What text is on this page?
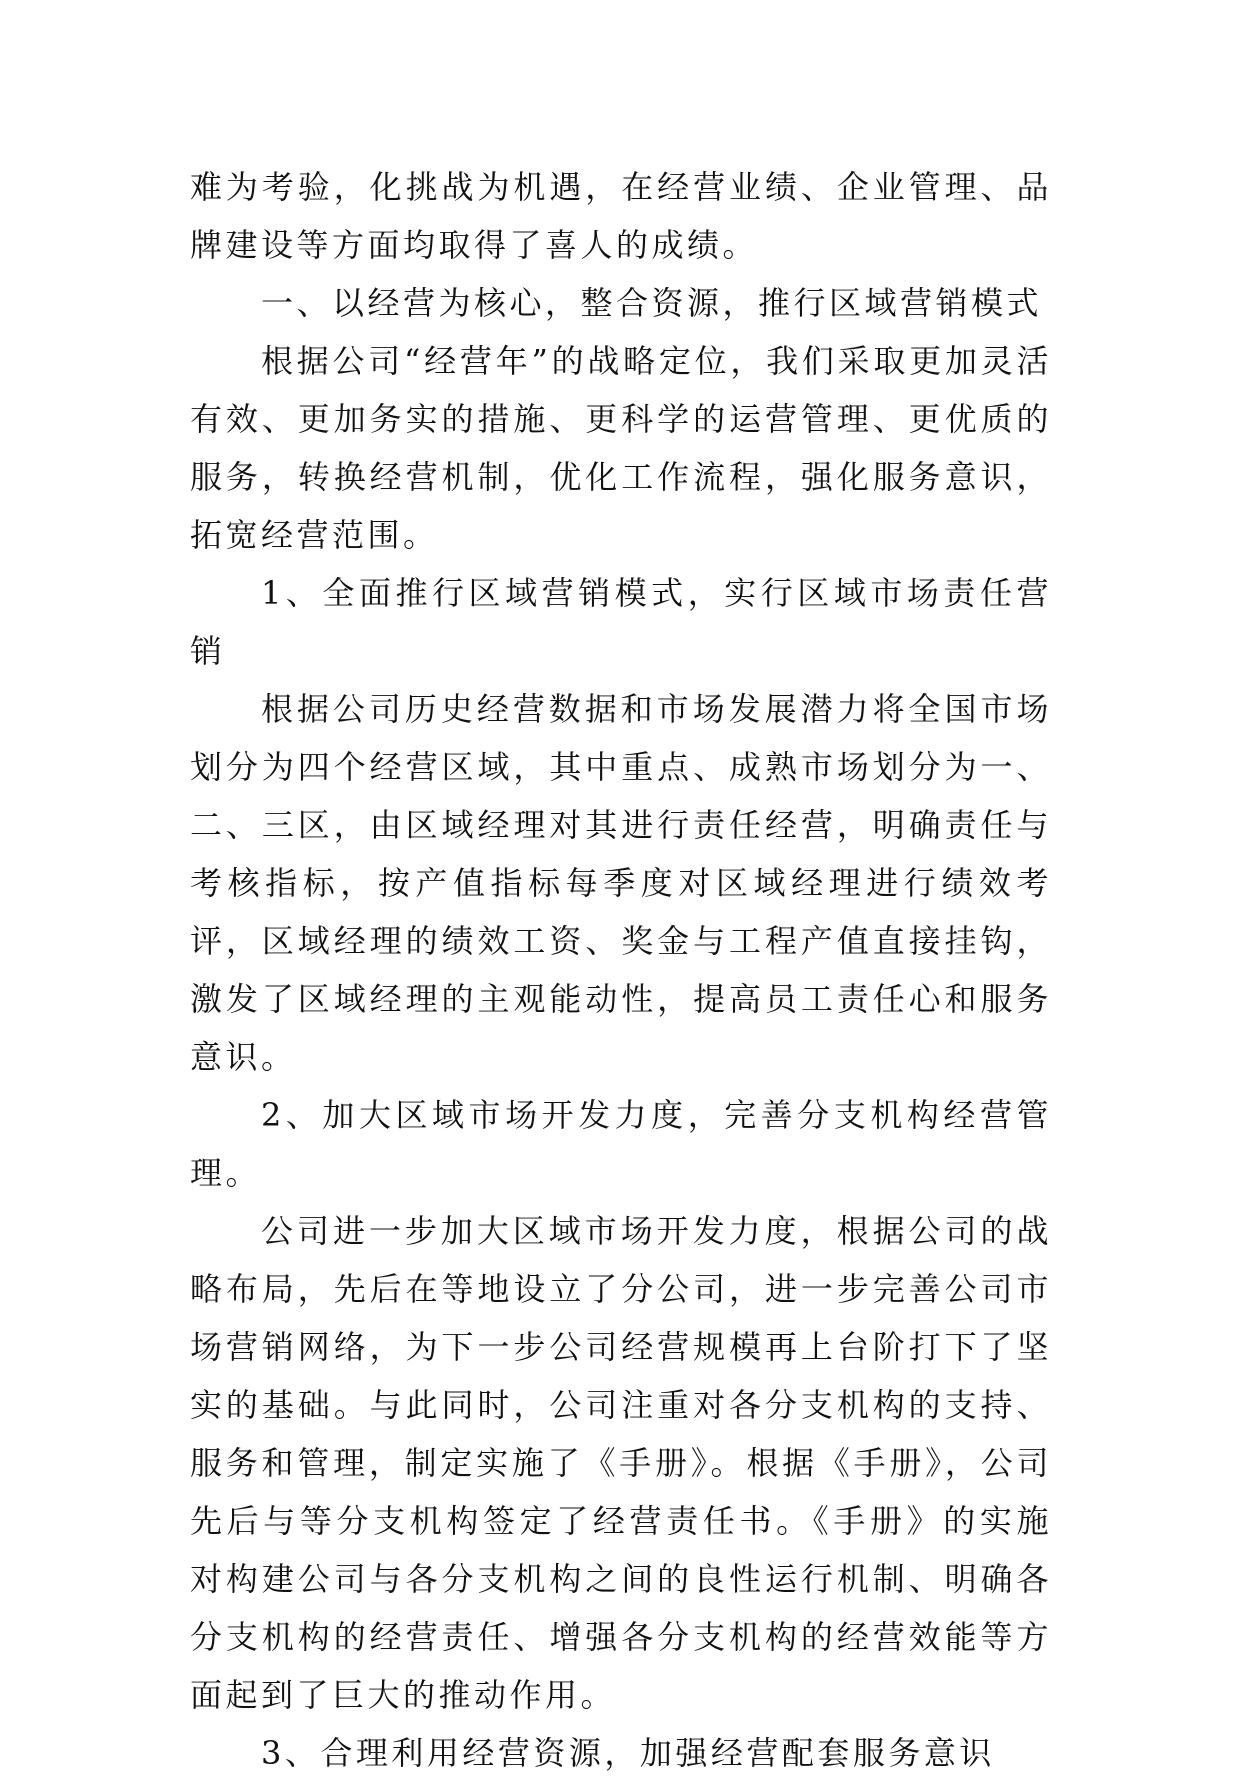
难为考验，化挑战为机遇，在经营业绩、企业管理、品牌建设等方面均取得了喜人的成绩。

一、以经营为核心，整合资源，推行区域营销模式

根据公司“经营年”的战略定位，我们采取更加灵活有效、更加务实的措施、更科学的运营管理、更优质的服务，转换经营机制，优化工作流程，强化服务意识，拓宽经营范围。

1、全面推行区域营销模式，实行区域市场责任营销

根据公司历史经营数据和市场发展潜力将全国市场划分为四个经营区域，其中重点、成熟市场划分为一、二、三区，由区域经理对其进行责任经营，明确责任与考核指标，按产值指标每季度对区域经理进行绩效考评，区域经理的绩效工资、奖金与工程产值直接挂钩，激发了区域经理的主观能动性，提高员工责任心和服务意识。

2、加大区域市场开发力度，完善分支机构经营管理。

公司进一步加大区域市场开发力度，根据公司的战略布局，先后在等地设立了分公司，进一步完善公司市场营销网络，为下一步公司经营规模再上台阶打下了坚实的基础。与此同时，公司注重对各分支机构的支持、服务和管理，制定实施了《手册》。根据《手册》，公司先后与等分支机构签定了经营责任书。《手册》的实施对构建公司与各分支机构之间的良性运行机制、明确各分支机构的经营责任、增强各分支机构的经营效能等方面起到了巨大的推动作用。

3、合理利用经营资源，加强经营配套服务意识
